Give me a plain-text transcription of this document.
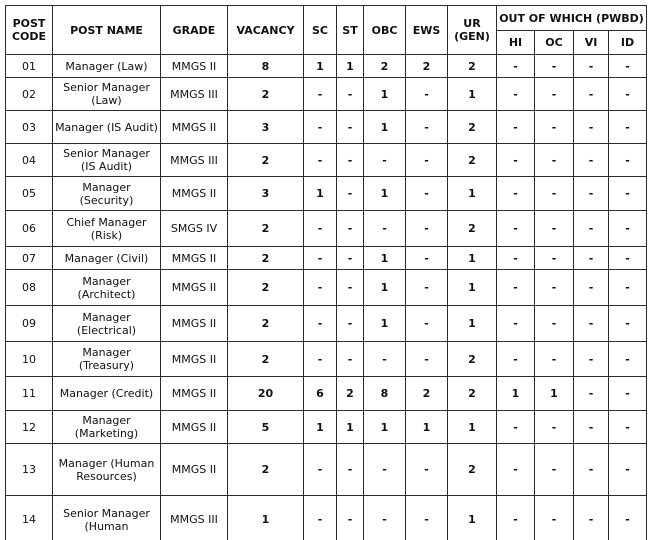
POST CODE	POST NAME	GRADE	VACANCY	SC	ST	OBC	EWS	UR (GEN)	OUT OF WHICH (PWBD)			
									HI	OC	VI	ID
01	Manager (Law)	MMGS II	8	1	1	2	2	2	-	-	-	-
02	Senior Manager (Law)	MMGS III	2	-	-	1	-	1	-	-	-	-
03	Manager (IS Audit)	MMGS II	3	-	-	1	-	2	-	-	-	-
04	Senior Manager (IS Audit)	MMGS III	2	-	-	-	-	2	-	-	-	-
05	Manager (Security)	MMGS II	3	1	-	1	-	1	-	-	-	-
06	Chief Manager (Risk)	SMGS IV	2	-	-	-	-	2	-	-	-	-
07	Manager (Civil)	MMGS II	2	-	-	1	-	1	-	-	-	-
08	Manager (Architect)	MMGS II	2	-	-	1	-	1	-	-	-	-
09	Manager (Electrical)	MMGS II	2	-	-	1	-	1	-	-	-	-
10	Manager (Treasury)	MMGS II	2	-	-	-	-	2	-	-	-	-
11	Manager (Credit)	MMGS II	20	6	2	8	2	2	1	1	-	-
12	Manager (Marketing)	MMGS II	5	1	1	1	1	1	-	-	-	-
13	Manager (Human Resources)	MMGS II	2	-	-	-	-	2	-	-	-	-
14	Senior Manager (Human	MMGS III	1	-	-	-	-	1	-	-	-	-
